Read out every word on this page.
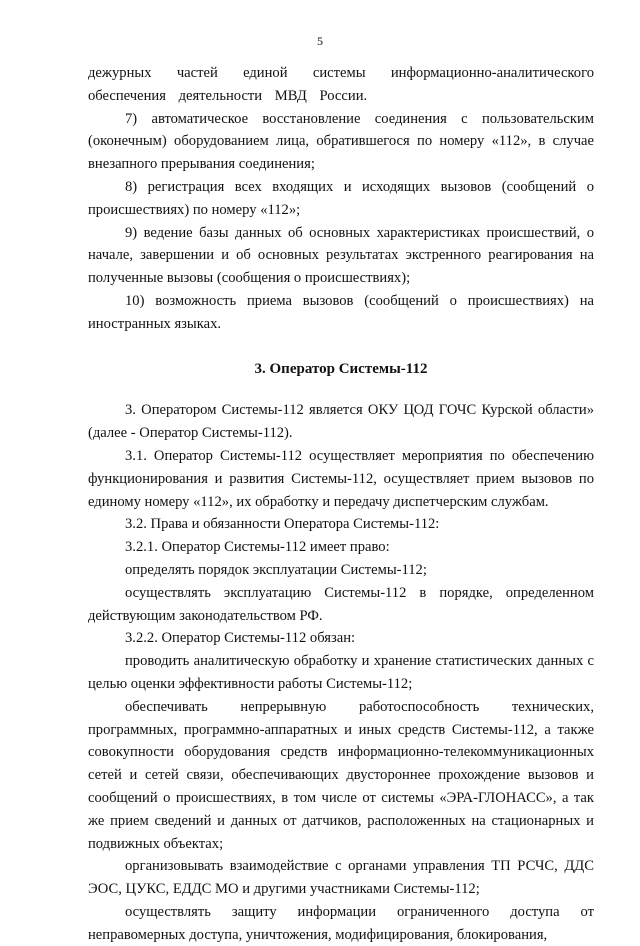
5

дежурных частей единой системы информационно-аналитического обеспечения деятельности МВД России.

7) автоматическое восстановление соединения с пользовательским (оконечным) оборудованием лица, обратившегося по номеру «112», в случае внезапного прерывания соединения;

8) регистрация всех входящих и исходящих вызовов (сообщений о происшествиях) по номеру «112»;

9) ведение базы данных об основных характеристиках происшествий, о начале, завершении и об основных результатах экстренного реагирования на полученные вызовы (сообщения о происшествиях);

10) возможность приема вызовов (сообщений о происшествиях) на иностранных языках.

3. Оператор Системы-112

3. Оператором Системы-112 является ОКУ ЦОД ГОЧС Курской области» (далее - Оператор Системы-112).

3.1. Оператор Системы-112 осуществляет мероприятия по обеспечению функционирования и развития Системы-112, осуществляет прием вызовов по единому номеру «112», их обработку и передачу диспетчерским службам.

3.2. Права и обязанности Оператора Системы-112:

3.2.1. Оператор Системы-112 имеет право:

определять порядок эксплуатации Системы-112;

осуществлять эксплуатацию Системы-112 в порядке, определенном действующим законодательством РФ.

3.2.2. Оператор Системы-112 обязан:

проводить аналитическую обработку и хранение статистических данных с целью оценки эффективности работы Системы-112;

обеспечивать непрерывную работоспособность технических, программных, программно-аппаратных и иных средств Системы-112, а также совокупности оборудования средств информационно-телекоммуникационных сетей и сетей связи, обеспечивающих двустороннее прохождение вызовов и сообщений о происшествиях, в том числе от системы «ЭРА-ГЛОНАСС», а так же прием сведений и данных от датчиков, расположенных на стационарных и подвижных объектах;

организовывать взаимодействие с органами управления ТП РСЧС, ДДС ЭОС, ЦУКС, ЕДДС МО и другими участниками Системы-112;

осуществлять защиту информации ограниченного доступа от неправомерных доступа, уничтожения, модифицирования, блокирования,
